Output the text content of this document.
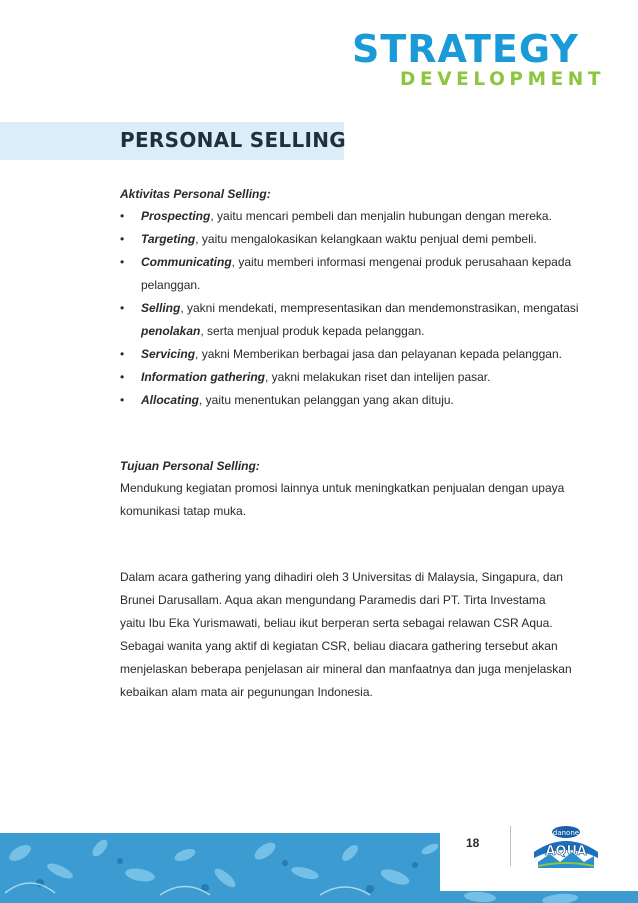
STRATEGY
DEVELOPMENT
PERSONAL SELLING
Aktivitas Personal Selling:
• Prospecting, yaitu mencari pembeli dan menjalin hubungan dengan mereka.
• Targeting, yaitu mengalokasikan kelangkaan waktu penjual demi pembeli.
• Communicating, yaitu memberi informasi mengenai produk perusahaan kepada
pelanggan.
• Selling, yakni mendekati, mempresentasikan dan mendemonstrasikan, mengatasi
penolakan, serta menjual produk kepada pelanggan.
• Servicing, yakni Memberikan berbagai jasa dan pelayanan kepada pelanggan.
• Information gathering, yakni melakukan riset dan intelijen pasar.
• Allocating, yaitu menentukan pelanggan yang akan dituju.
Tujuan Personal Selling:
Mendukung kegiatan promosi lainnya untuk meningkatkan penjualan dengan upaya
komunikasi tatap muka.
Dalam acara gathering yang dihadiri oleh 3 Universitas di Malaysia, Singapura, dan
Brunei Darusallam. Aqua akan mengundang Paramedis dari PT. Tirta Investama
yaitu Ibu Eka Yurismawati, beliau ikut berperan serta sebagai relawan CSR Aqua.
Sebagai wanita yang aktif di kegiatan CSR, beliau diacara gathering tersebut akan
menjelaskan beberapa penjelasan air mineral dan manfaatnya dan juga menjelaskan
kebaikan alam mata air pegunungan Indonesia.
18
danone
AQUA
